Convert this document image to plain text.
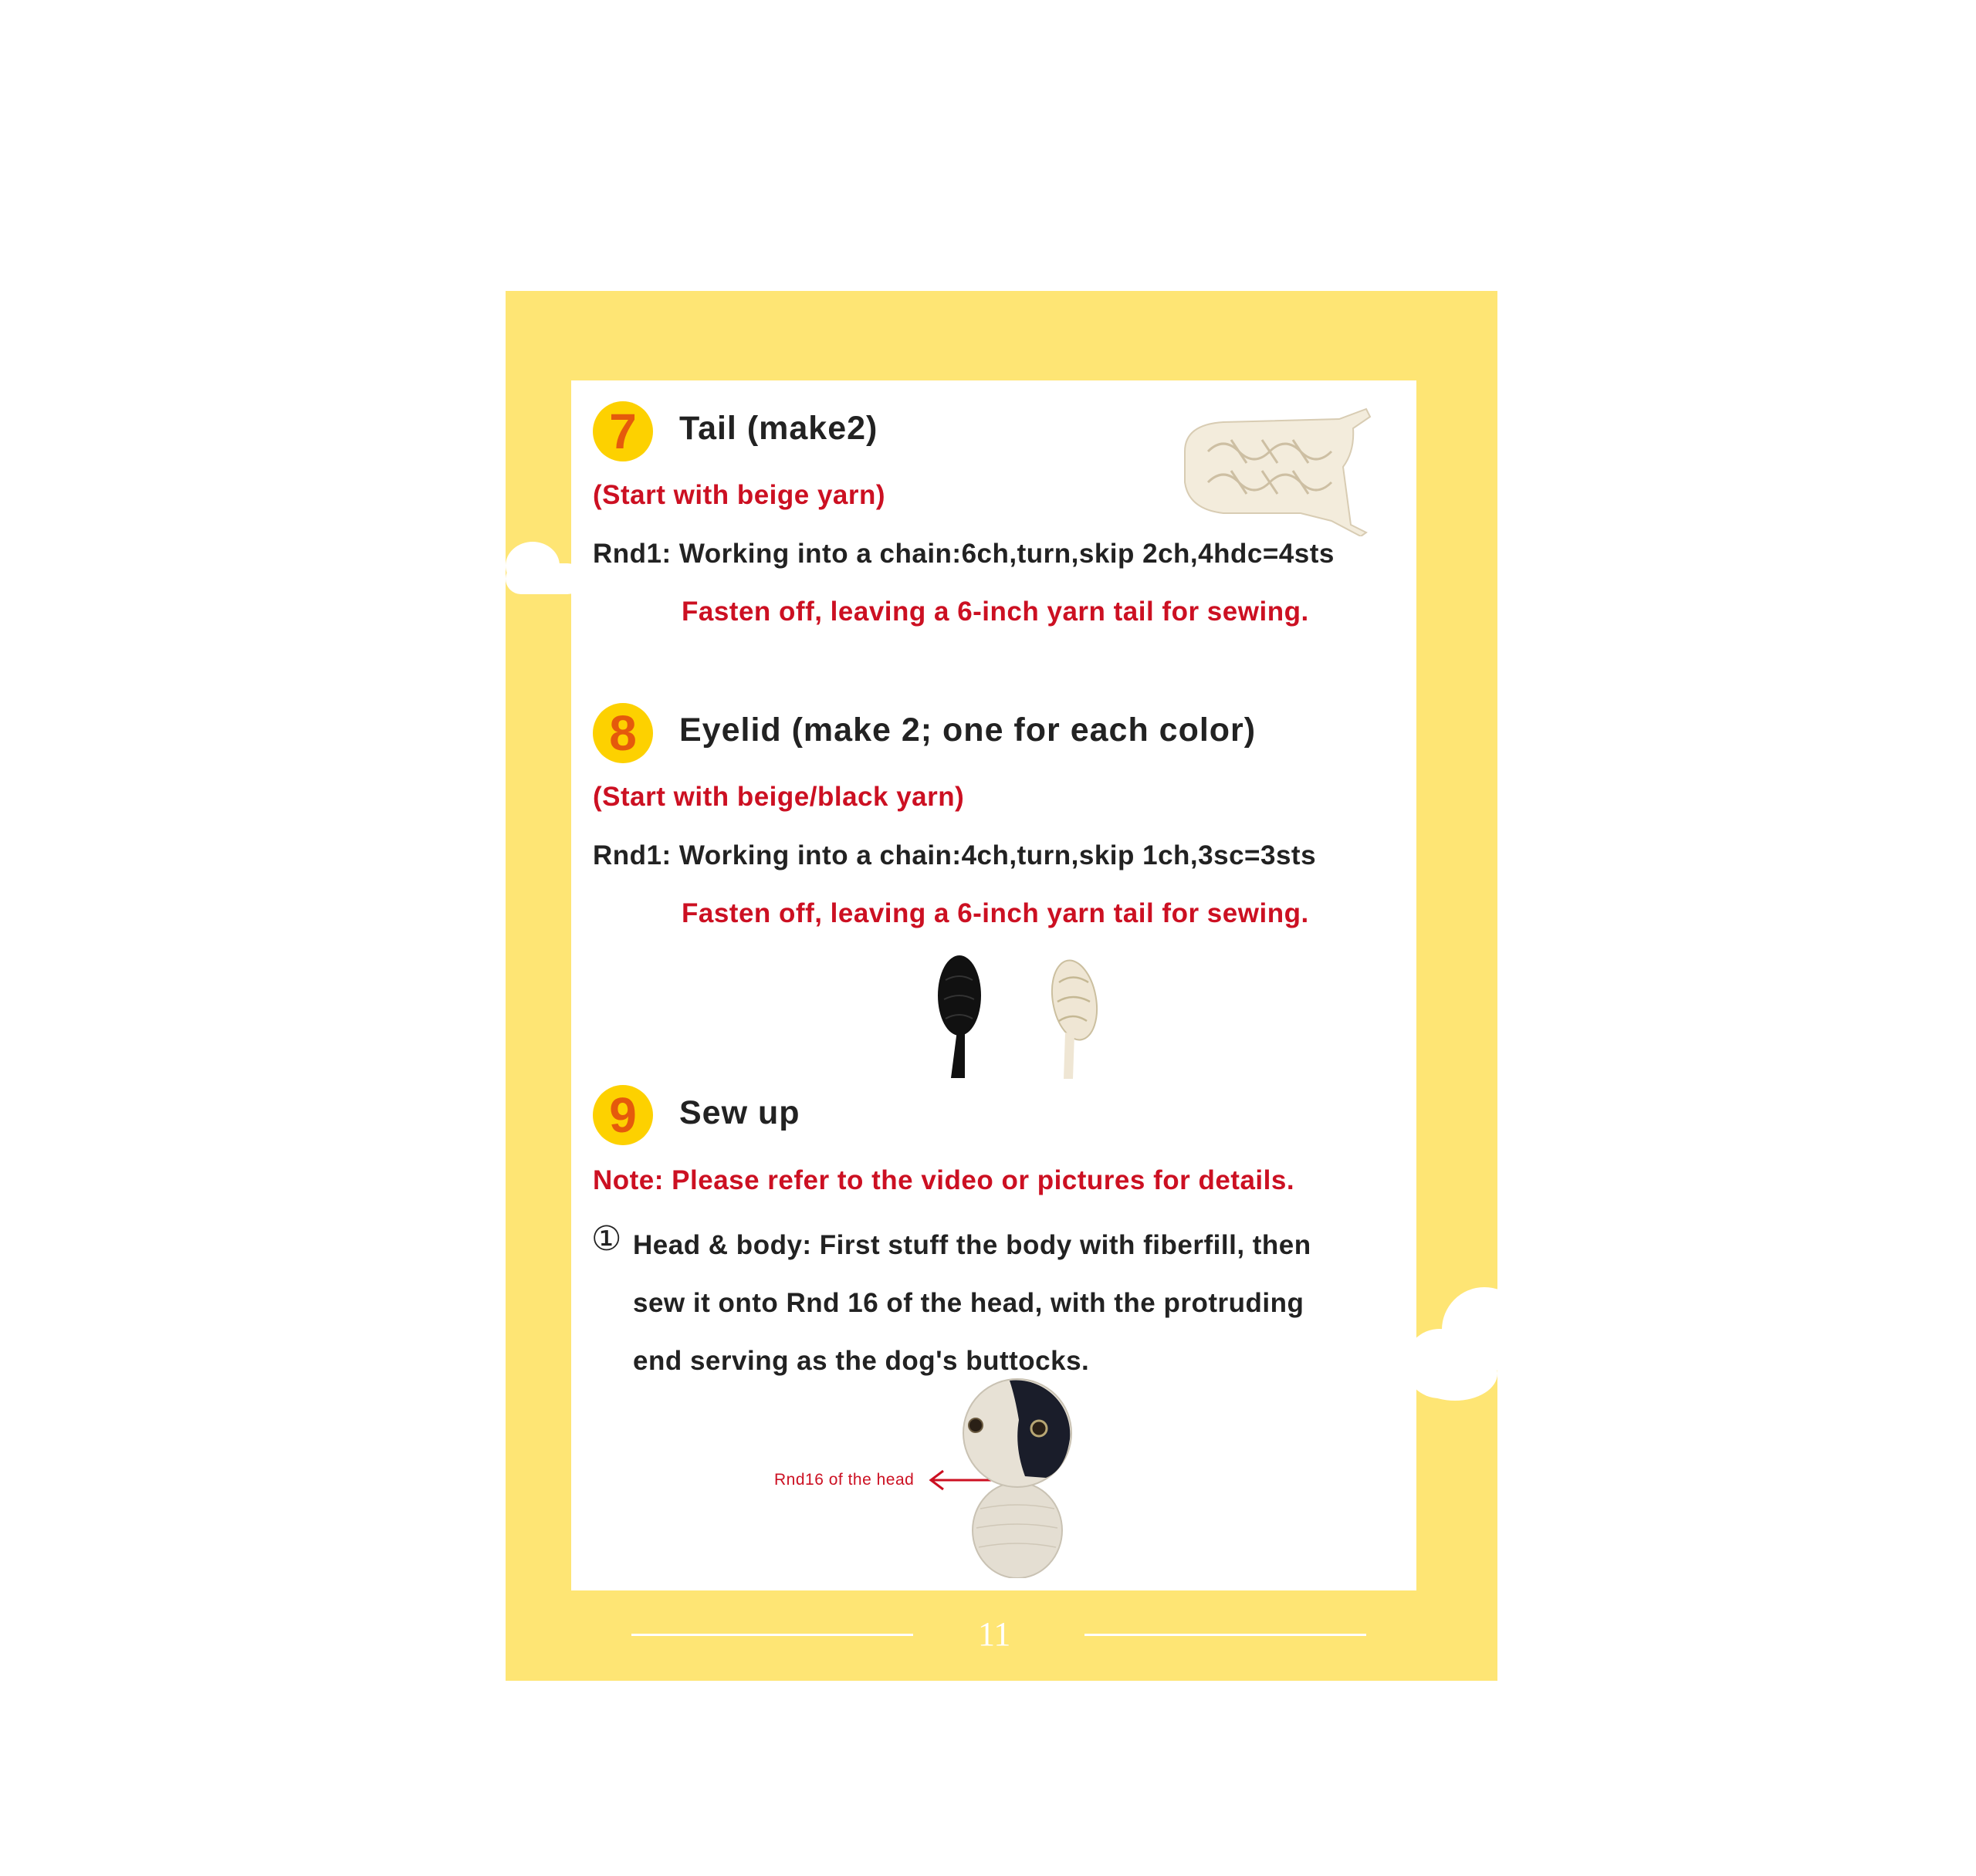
7	Tail (make2)
(Start with beige yarn)
Rnd1: Working into a chain:6ch,turn,skip 2ch,4hdc=4sts
Fasten off, leaving a 6-inch yarn tail for sewing.
8	Eyelid (make 2; one for each color)
(Start with beige/black yarn)
Rnd1: Working into a chain:4ch,turn,skip 1ch,3sc=3sts
Fasten off, leaving a 6-inch yarn tail for sewing.
9	Sew up
Note: Please refer to the video or pictures for details.
① Head & body: First stuff the body with fiberfill, then
sew it onto Rnd 16 of the head, with the protruding
end serving as the dog's buttocks.
Rnd16 of the head
11
